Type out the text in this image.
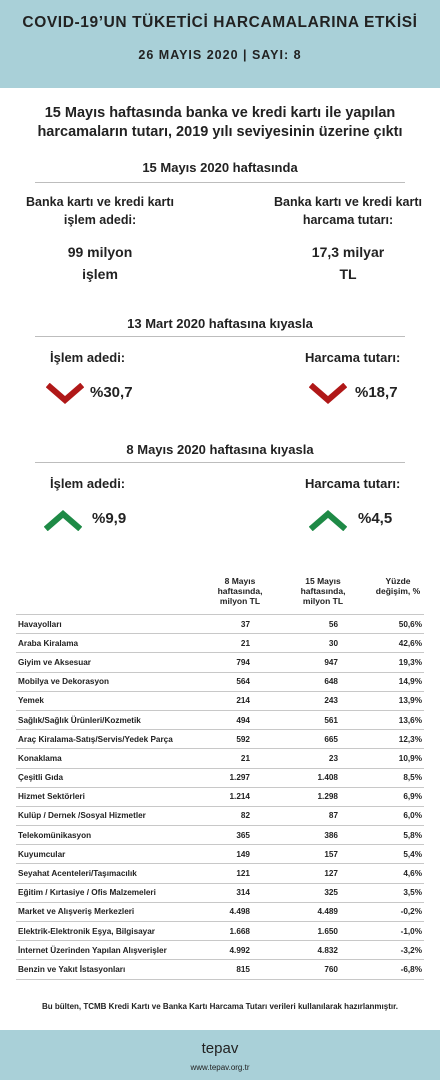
COVID-19’UN TÜKETİCİ HARCAMALARINA ETKİSİ
26 MAYIS 2020 | SAYI: 8
15 Mayıs haftasında banka ve kredi kartı ile yapılan harcamaların tutarı, 2019 yılı seviyesinin üzerine çıktı
15 Mayıs 2020 haftasında
Banka kartı ve kredi kartı işlem adedi:
99 milyon işlem
Banka kartı ve kredi kartı harcama tutarı:
17,3 milyar TL
13 Mart 2020 haftasına kıyasla
İşlem adedi:
%30,7
Harcama tutarı:
%18,7
8 Mayıs 2020 haftasına kıyasla
İşlem adedi:
%9,9
Harcama tutarı:
%4,5
	8 Mayıs haftasında, milyon TL	15 Mayıs haftasında, milyon TL	Yüzde değişim, %
Havayolları	37	56	50,6%
Araba Kiralama	21	30	42,6%
Giyim ve Aksesuar	794	947	19,3%
Mobilya ve Dekorasyon	564	648	14,9%
Yemek	214	243	13,9%
Sağlık/Sağlık Ürünleri/Kozmetik	494	561	13,6%
Araç Kiralama-Satış/Servis/Yedek Parça	592	665	12,3%
Konaklama	21	23	10,9%
Çeşitli Gıda	1.297	1.408	8,5%
Hizmet Sektörleri	1.214	1.298	6,9%
Kulüp / Dernek /Sosyal Hizmetler	82	87	6,0%
Telekomünikasyon	365	386	5,8%
Kuyumcular	149	157	5,4%
Seyahat Acenteleri/Taşımacılık	121	127	4,6%
Eğitim / Kırtasiye / Ofis Malzemeleri	314	325	3,5%
Market ve Alışveriş Merkezleri	4.498	4.489	-0,2%
Elektrik-Elektronik Eşya, Bilgisayar	1.668	1.650	-1,0%
İnternet Üzerinden Yapılan Alışverişler	4.992	4.832	-3,2%
Benzin ve Yakıt İstasyonları	815	760	-6,8%
Bu bülten, TCMB Kredi Kartı ve Banka Kartı Harcama Tutarı verileri kullanılarak hazırlanmıştır.
tepav
www.tepav.org.tr
